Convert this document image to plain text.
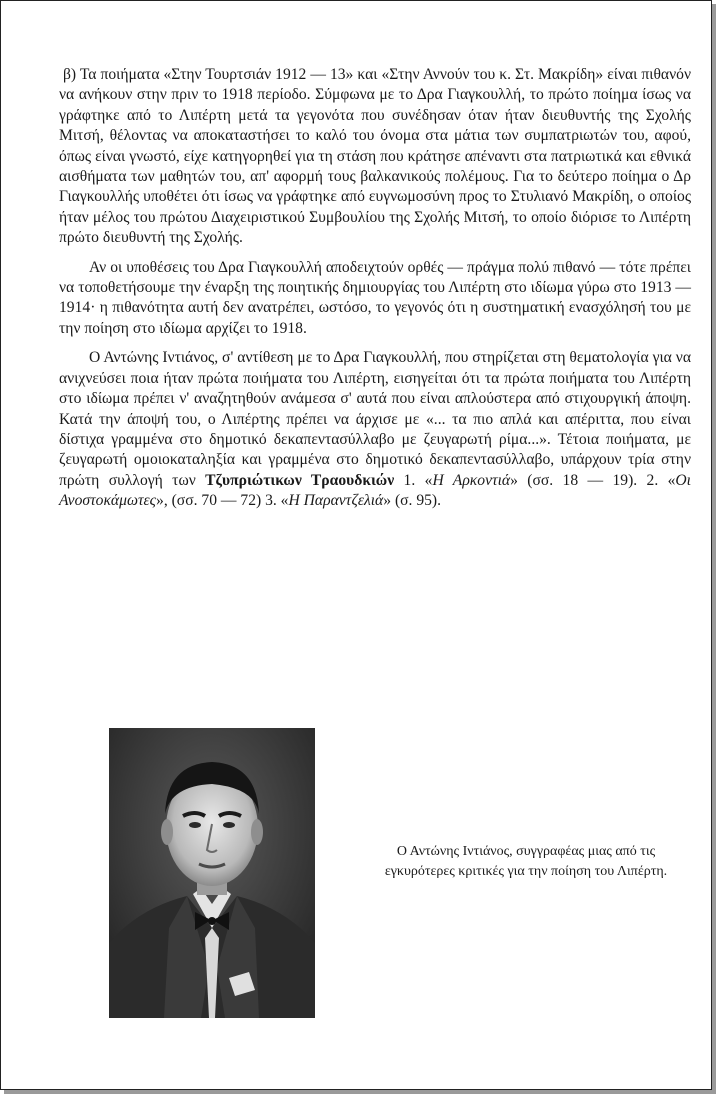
β) Τα ποιήματα «Στην Τουρτσιάν 1912 — 13» και «Στην Αννούν του κ. Στ. Μακρίδη» είναι πιθανόν να ανήκουν στην πριν το 1918 περίοδο. Σύμφωνα με το Δρα Γιαγκουλλή, το πρώτο ποίημα ίσως να γράφτηκε από το Λιπέρτη μετά τα γεγονότα που συνέδησαν όταν ήταν διευθυντής της Σχολής Μιτσή, θέλοντας να αποκαταστήσει το καλό του όνομα στα μάτια των συμπατριωτών του, αφού, όπως είναι γνωστό, είχε κατηγορηθεί για τη στάση που κράτησε απέναντι στα πατριωτικά και εθνικά αισθήματα των μαθητών του, απ' αφορμή τους βαλκανικούς πολέμους. Για το δεύτερο ποίημα ο Δρ Γιαγκουλλής υποθέτει ότι ίσως να γράφτηκε από ευγνωμοσύνη προς το Στυλιανό Μακρίδη, ο οποίος ήταν μέλος του πρώτου Διαχειριστικού Συμβουλίου της Σχολής Μιτσή, το οποίο διόρισε το Λιπέρτη πρώτο διευθυντή της Σχολής.

Αν οι υποθέσεις του Δρα Γιαγκουλλή αποδειχτούν ορθές — πράγμα πολύ πιθανό — τότε πρέπει να τοποθετήσουμε την έναρξη της ποιητικής δημιουργίας του Λιπέρτη στο ιδίωμα γύρω στο 1913 — 1914· η πιθανότητα αυτή δεν ανατρέπει, ωστόσο, το γεγονός ότι η συστηματική ενασχόλησή του με την ποίηση στο ιδίωμα αρχίζει το 1918.

Ο Αντώνης Ιντιάνος, σ' αντίθεση με το Δρα Γιαγκουλλή, που στηρίζεται στη θεματολογία για να ανιχνεύσει ποια ήταν πρώτα ποιήματα του Λιπέρτη, εισηγείται ότι τα πρώτα ποιήματα του Λιπέρτη στο ιδίωμα πρέπει ν' αναζητηθούν ανάμεσα σ' αυτά που είναι απλούστερα από στιχουργική άποψη. Κατά την άποψή του, ο Λιπέρτης πρέπει να άρχισε με «... τα πιο απλά και απέριττα, που είναι δίστιχα γραμμένα στο δημοτικό δεκαπεντασύλλαβο με ζευγαρωτή ρίμα...». Τέτοια ποιήματα, με ζευγαρωτή ομοιοκαταληξία και γραμμένα στο δημοτικό δεκαπεντασύλλαβο, υπάρχουν τρία στην πρώτη συλλογή των Τζυπριώτικων Τραουδκιών 1. «Η Αρκοντιά» (σσ. 18 — 19). 2. «Οι Ανοστοκάμωτες», (σσ. 70 — 72) 3. «Η Παραντζελιά» (σ. 95).

Ο Αντώνης Ιντιάνος, συγγραφέας μιας από τις εγκυρότερες κριτικές για την ποίηση του Λιπέρτη.
